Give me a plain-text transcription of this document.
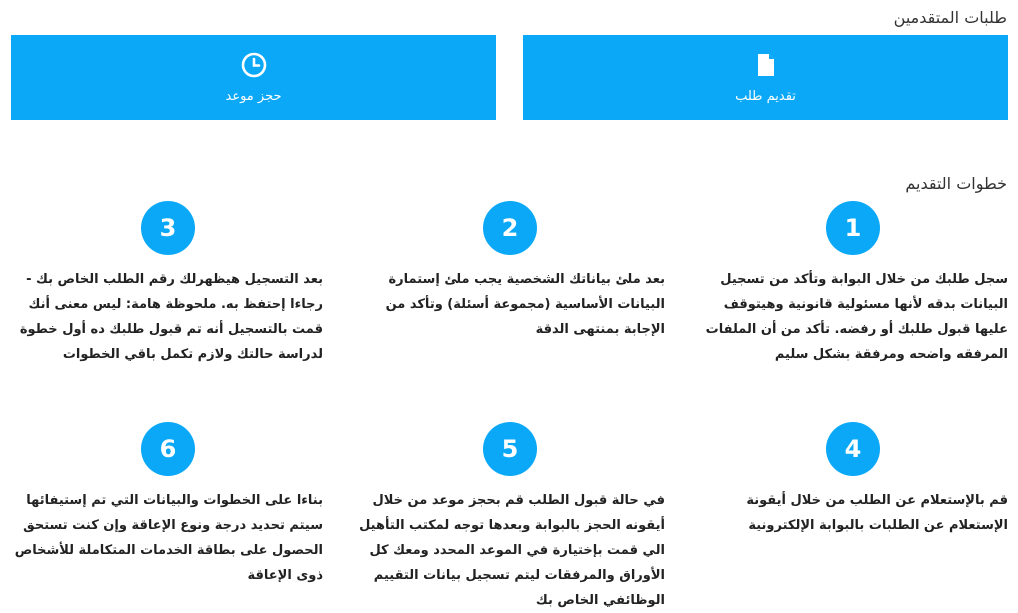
طلبات المتقدمين
تقديم طلب
حجز موعد
خطوات التقديم
1
سجل طلبك من خلال البوابة وتأكد من تسجيل البيانات بدقه لأنها مسئولية قانونية وهيتوقف عليها قبول طلبك أو رفضه. تأكد من أن الملفات المرفقه واضحه ومرفقة بشكل سليم
2
بعد ملئ بياناتك الشخصية يجب ملئ إستمارة البيانات الأساسية (مجموعة أسئلة) وتأكد من الإجابة بمنتهى الدقة
3
بعد التسجيل هيظهرلك رقم الطلب الخاص بك - رجاءا إحتفظ به. ملحوظة هامة: ليس معنى أنك قمت بالتسجيل أنه تم قبول طلبك ده أول خطوة لدراسة حالتك ولازم تكمل باقي الخطوات
4
قم بالإستعلام عن الطلب من خلال أيقونة الإستعلام عن الطلبات بالبوابة الإلكترونية
5
في حالة قبول الطلب قم بحجز موعد من خلال أيقونه الحجز بالبوابة وبعدها توجه لمكتب التأهيل الي قمت بإختيارة في الموعد المحدد ومعك كل الأوراق والمرفقات ليتم تسجيل بيانات التقييم الوظائفي الخاص بك
6
بناءا على الخطوات والبيانات التي تم إستيفائها سيتم تحديد درجة ونوع الإعاقة وإن كنت تستحق الحصول على بطاقة الخدمات المتكاملة للأشخاص ذوى الإعاقة
